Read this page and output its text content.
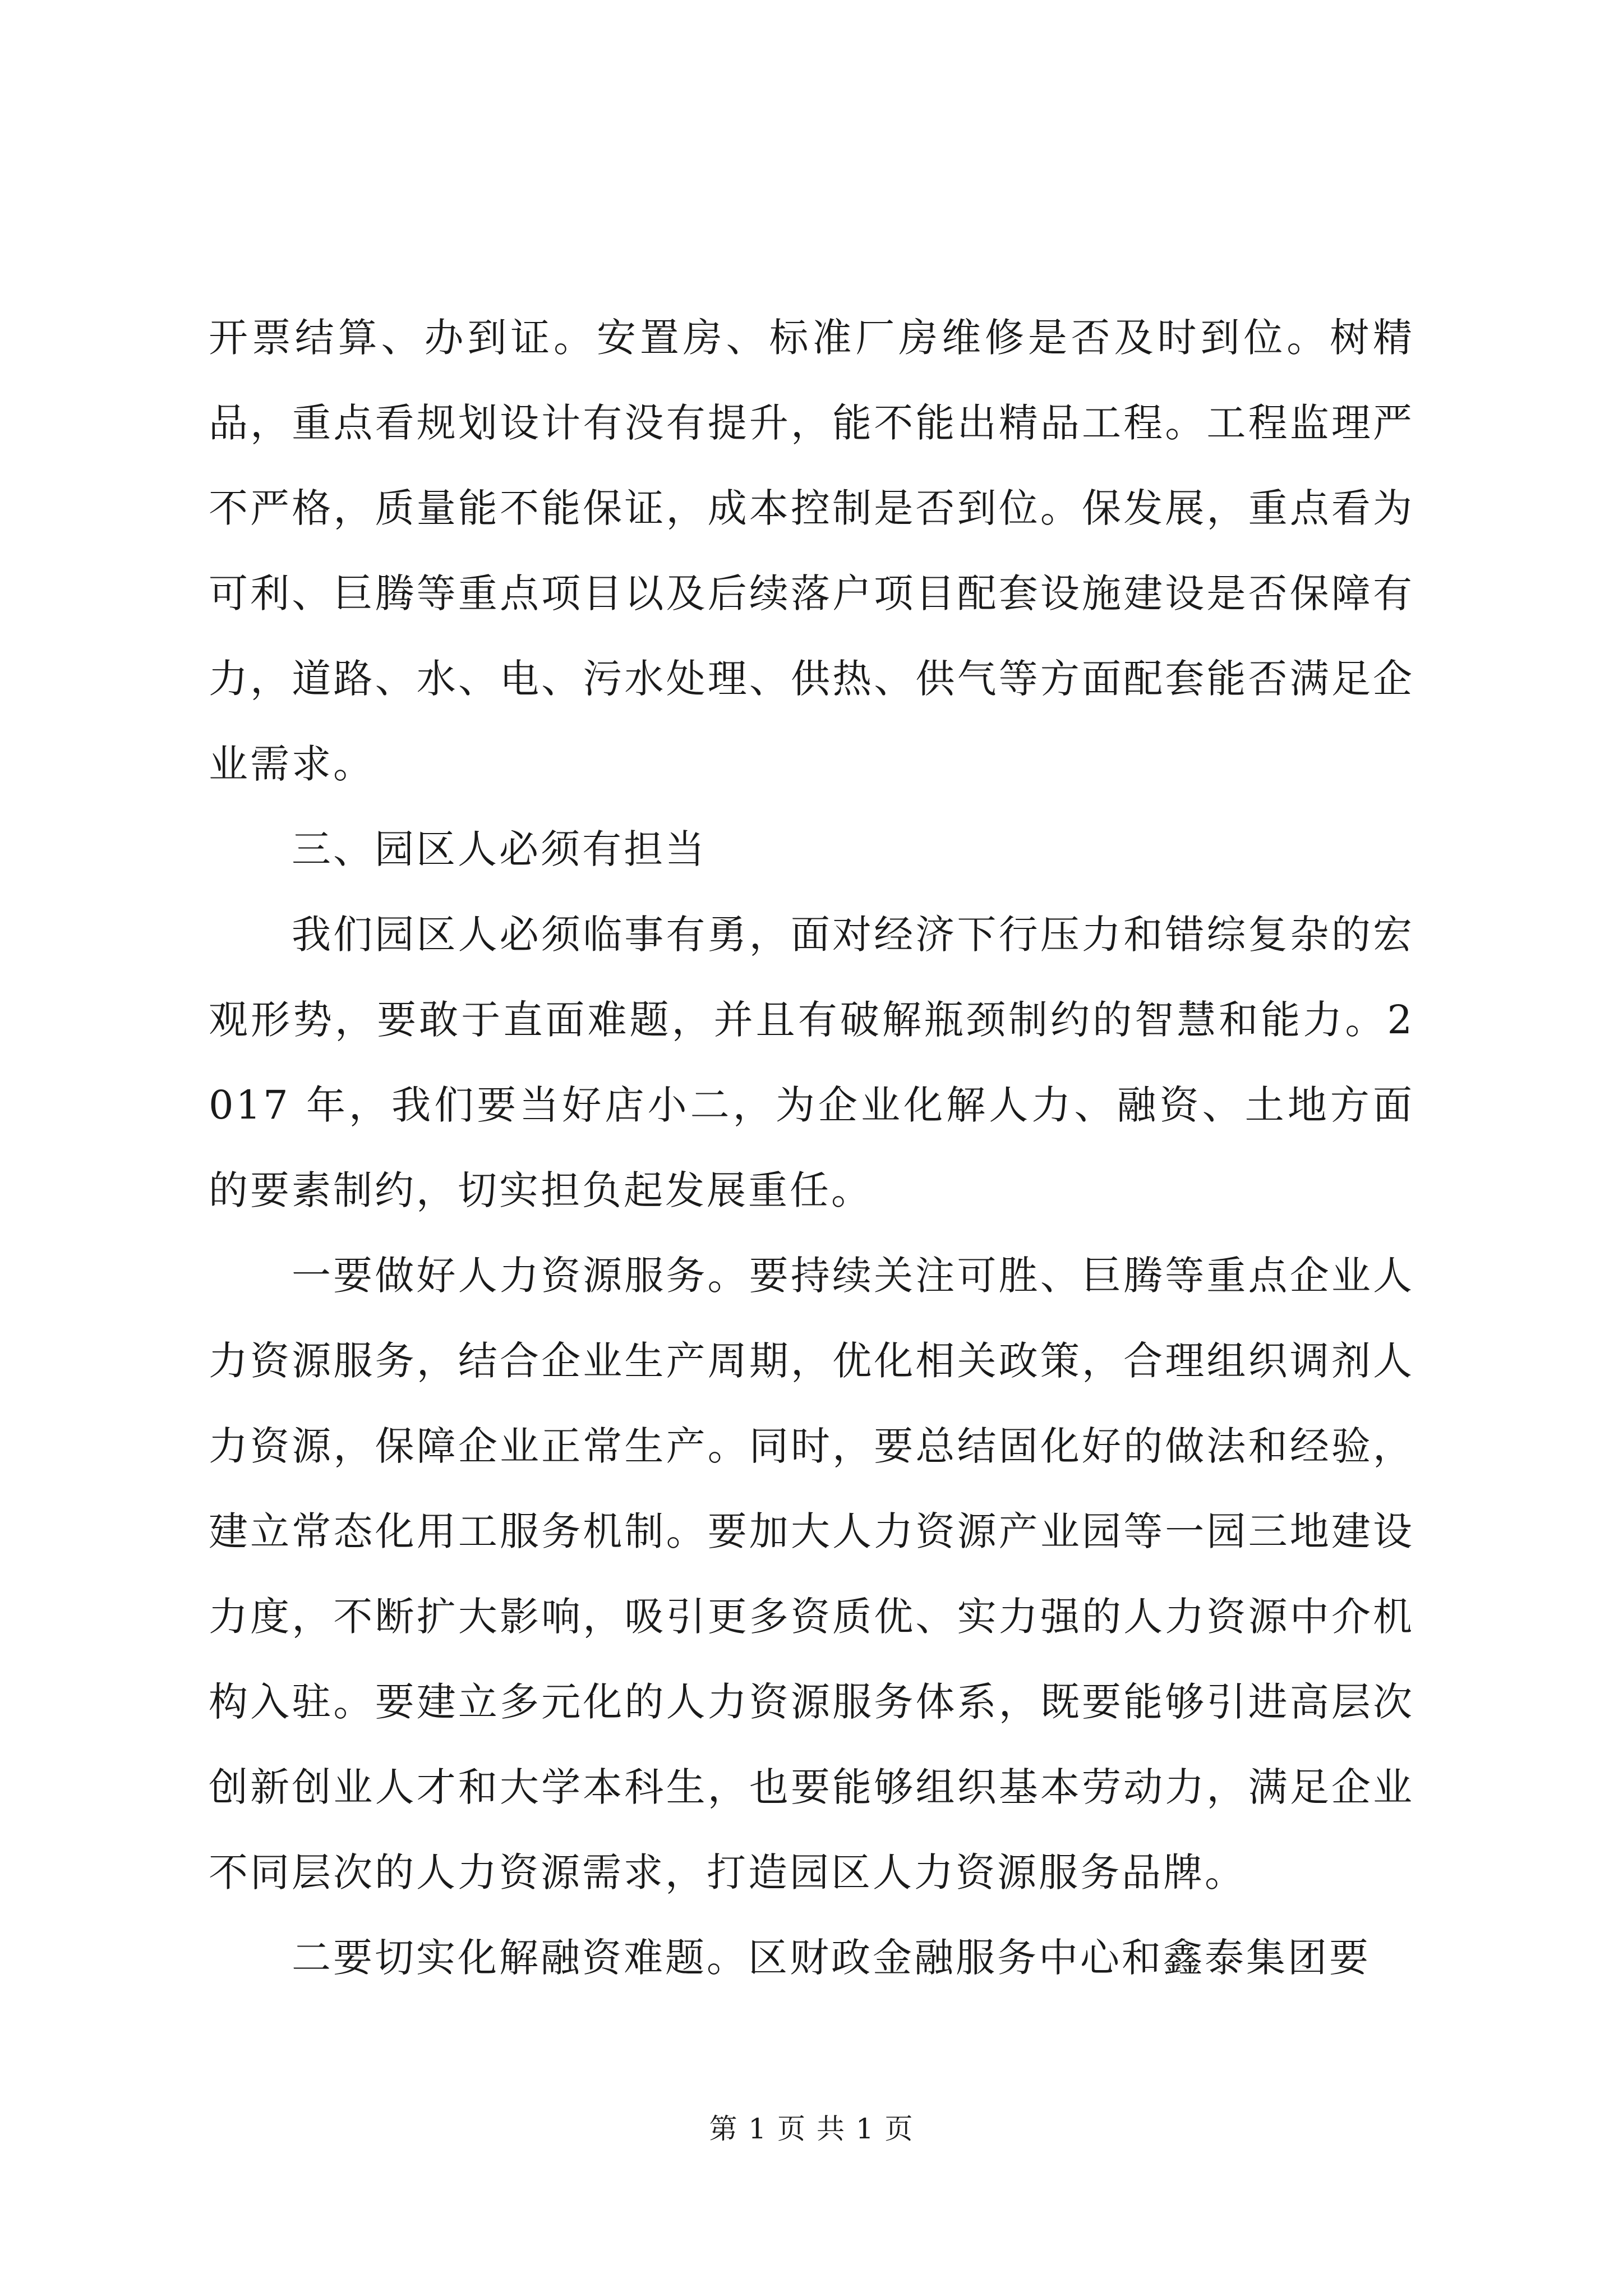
开票结算、办到证。安置房、标准厂房维修是否及时到位。树精品，重点看规划设计有没有提升，能不能出精品工程。工程监理严不严格，质量能不能保证，成本控制是否到位。保发展，重点看为可利、巨腾等重点项目以及后续落户项目配套设施建设是否保障有力，道路、水、电、污水处理、供热、供气等方面配套能否满足企业需求。

三、园区人必须有担当

我们园区人必须临事有勇，面对经济下行压力和错综复杂的宏观形势，要敢于直面难题，并且有破解瓶颈制约的智慧和能力。2017 年，我们要当好店小二，为企业化解人力、融资、土地方面的要素制约，切实担负起发展重任。

一要做好人力资源服务。要持续关注可胜、巨腾等重点企业人力资源服务，结合企业生产周期，优化相关政策，合理组织调剂人力资源，保障企业正常生产。同时，要总结固化好的做法和经验，建立常态化用工服务机制。要加大人力资源产业园等一园三地建设力度，不断扩大影响，吸引更多资质优、实力强的人力资源中介机构入驻。要建立多元化的人力资源服务体系，既要能够引进高层次创新创业人才和大学本科生，也要能够组织基本劳动力，满足企业不同层次的人力资源需求，打造园区人力资源服务品牌。

二要切实化解融资难题。区财政金融服务中心和鑫泰集团要

第 1 页 共 1 页
